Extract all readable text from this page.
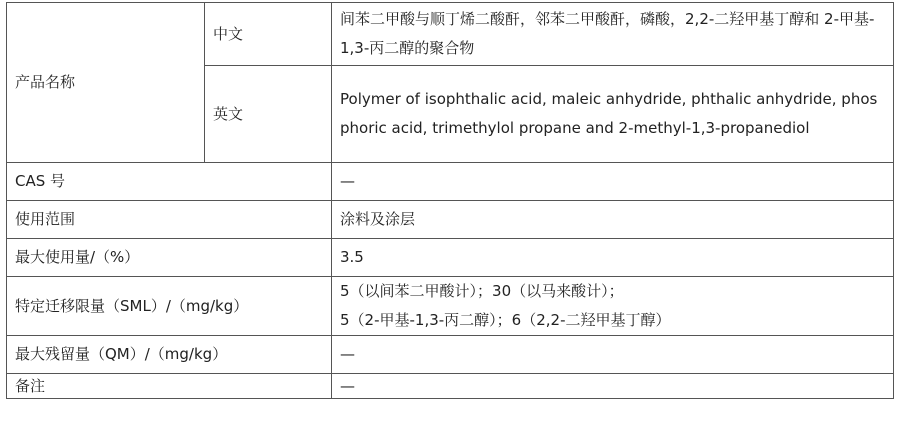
产品名称	中文	间苯二甲酸与顺丁烯二酸酐，邻苯二甲酸酐，磷酸，2,2-二羟甲基丁醇和 2-甲基-1,3-丙二醇的聚合物
	英文	Polymer of isophthalic acid, maleic anhydride, phthalic anhydride, phosphoric acid, trimethylol propane and 2-methyl-1,3-propanediol
CAS 号		—
使用范围		涂料及涂层
最大使用量/（%）		3.5
特定迁移限量（SML）/（mg/kg）		5（以间苯二甲酸计）；30（以马来酸计）；
5（2-甲基-1,3-丙二醇）；6（2,2-二羟甲基丁醇）

最大残留量（QM）/（mg/kg）		—
备注		—
